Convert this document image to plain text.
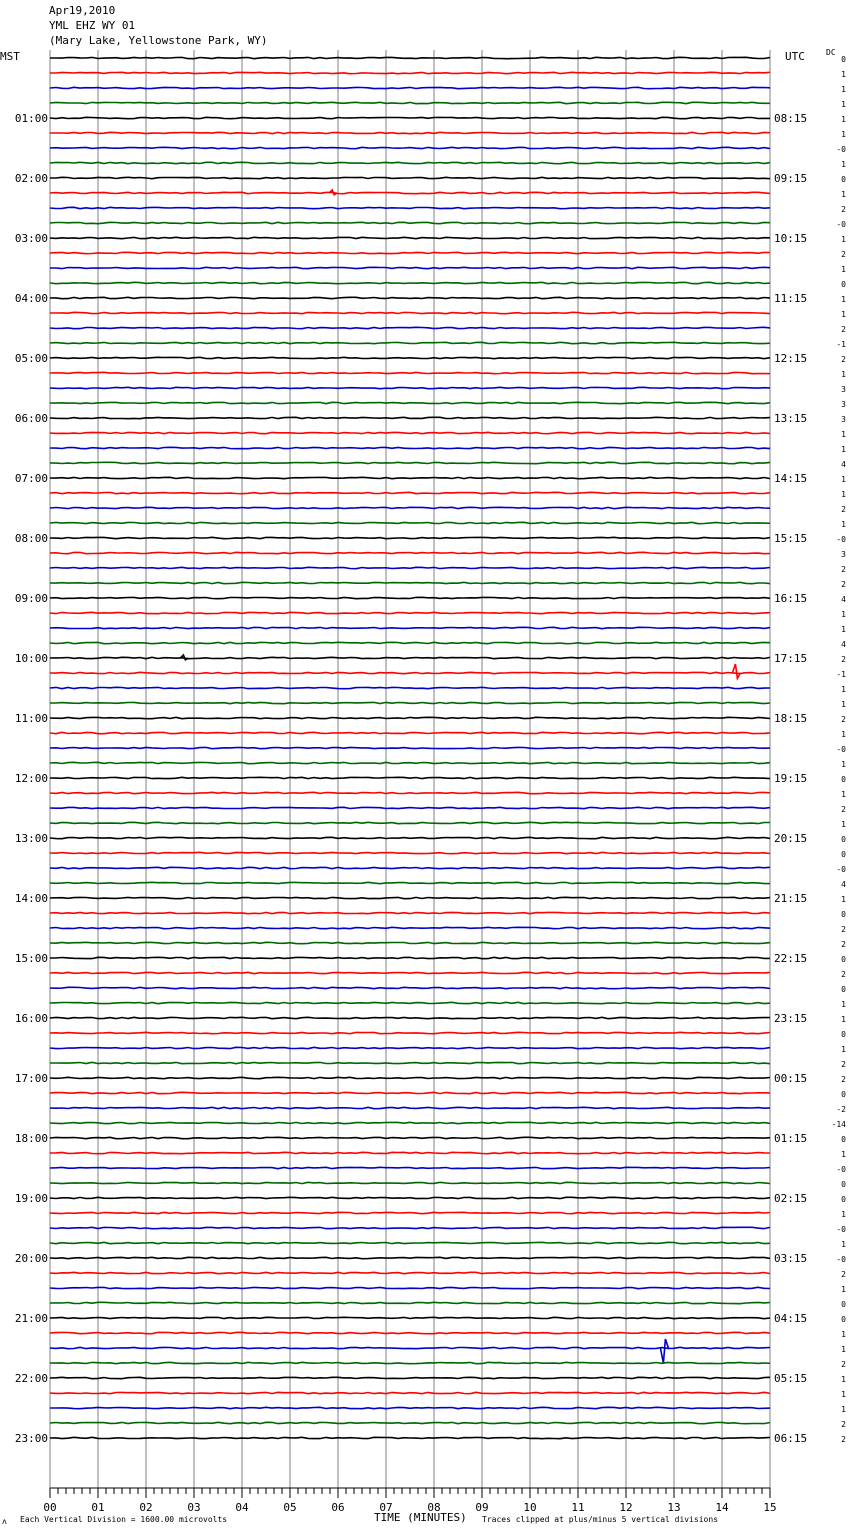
Apr19,2010
YML EHZ WY 01
(Mary Lake, Yellowstone Park, WY)
MST	UTC	DC
0
1
1
1
1
1
-0
1
0
1
2
-0
1
2
1
0
1
1
2
-1
2
1
3
3
3
1
1
4
1
1
2
1
-0
3
2
2
4
1
1
4
2
-1
1
1
2
1
-0
1
0
1
2
1
0
0
-0
4
1
0
2
2
0
2
0
1
1
0
1
2
2
0
-2
-14
0
1
-0
0
0
1
-0
1
-0
2
1
0
0
1
1
2
1
1
1
2
2
01:00
02:00
03:00
04:00
05:00
06:00
07:00
08:00
09:00
10:00
11:00
12:00
13:00
14:00
15:00
16:00
17:00
18:00
19:00
20:00
21:00
22:00
23:00
08:15
09:15
10:15
11:15
12:15
13:15
14:15
15:15
16:15
17:15
18:15
19:15
20:15
21:15
22:15
23:15
00:15
01:15
02:15
03:15
04:15
05:15
06:15
00	01	02	03	04	05	06	07	08	09	10	11	12	13	14	15
ʌ Each Vertical Division = 1600.00 microvolts	TIME (MINUTES) Traces clipped at plus/minus 5 vertical divisions
